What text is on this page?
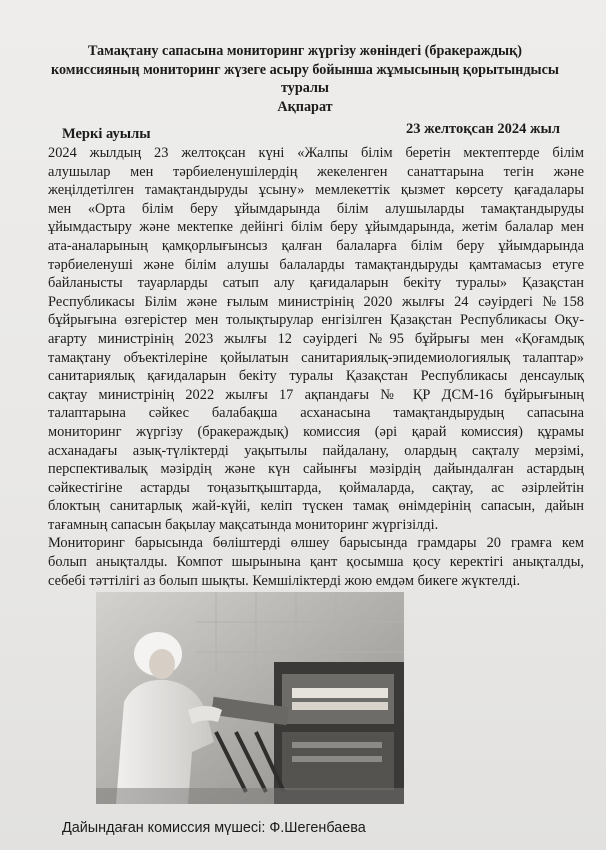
Тамақтану сапасына мониторинг жүргізу жөніндегі (бракераждық)
комиссияның мониторинг жүзеге асыру бойынша жұмысының қорытындысы
туралы
Ақпарат
Меркі ауылы	23 желтоқсан 2024 жыл
2024 жылдың 23 желтоқсан күні «Жалпы білім беретін мектептерде білім
алушылар мен тәрбиеленушілердің жекеленген санаттарына тегін және
жеңілдетілген тамақтандыруды ұсыну» мемлекеттік қызмет көрсету қағадалары
мен «Орта білім беру ұйымдарында білім алушыларды тамақтандыруды
ұйымдастыру және мектепке дейінгі білім беру ұйымдарында, жетім балалар мен
ата-аналарының қамқорлығынсыз қалған балаларға білім беру ұйымдарында
тәрбиеленуші және білім алушы балаларды тамақтандыруды қамтамасыз етуге
байланысты тауарларды сатып алу қағидаларын бекіту туралы» Қазақстан
Республикасы Білім және ғылым министрінің 2020 жылғы 24 сәуірдегі №158
бұйрығына өзгерістер мен толықтырулар енгізілген Қазақстан Республикасы Оқу-
ағарту министрінің 2023 жылғы 12 сәуірдегі №95 бұйрығы мен «Қоғамдық
тамақтану объектілеріне қойылатын санитариялық-эпидемиологиялық талаптар»
санитариялық қағидаларын бекіту туралы Қазақстан Республикасы денсаулық
сақтау министрінің 2022 жылғы 17 ақпандағы № ҚР ДСМ-16 бұйрығының
талаптарына сәйкес балабақша асханасына тамақтандырудың сапасына
мониторинг жүргізу (бракераждық) комиссия (әрі қарай комиссия) құрамы
асханадағы азық-түліктерді уақытылы пайдалану, олардың сақталу мерзімі,
перспективалық мәзірдің және күн сайынғы мәзірдің дайындалған астардың
сәйкестігіне астарды тоңазытқыштарда, қоймаларда, сақтау, ас әзірлейтін
блоктың санитарлық жай-күйі, келіп түскен тамақ өнімдерінің сапасын, дайын
тағамның сапасын бақылау мақсатында мониторинг жүргізілді.
Мониторинг барысында бөліштерді өлшеу барысында грамдары 20 грамға кем
болып анықталды. Компот шырынына қант қосымша қосу керектігі анықталды,
себебі тәттілігі аз болып шықты. Кемшіліктерді жою емдәм бикеге жүктелді.
Дайындаған комиссия мүшесі: Ф.Шегенбаева
